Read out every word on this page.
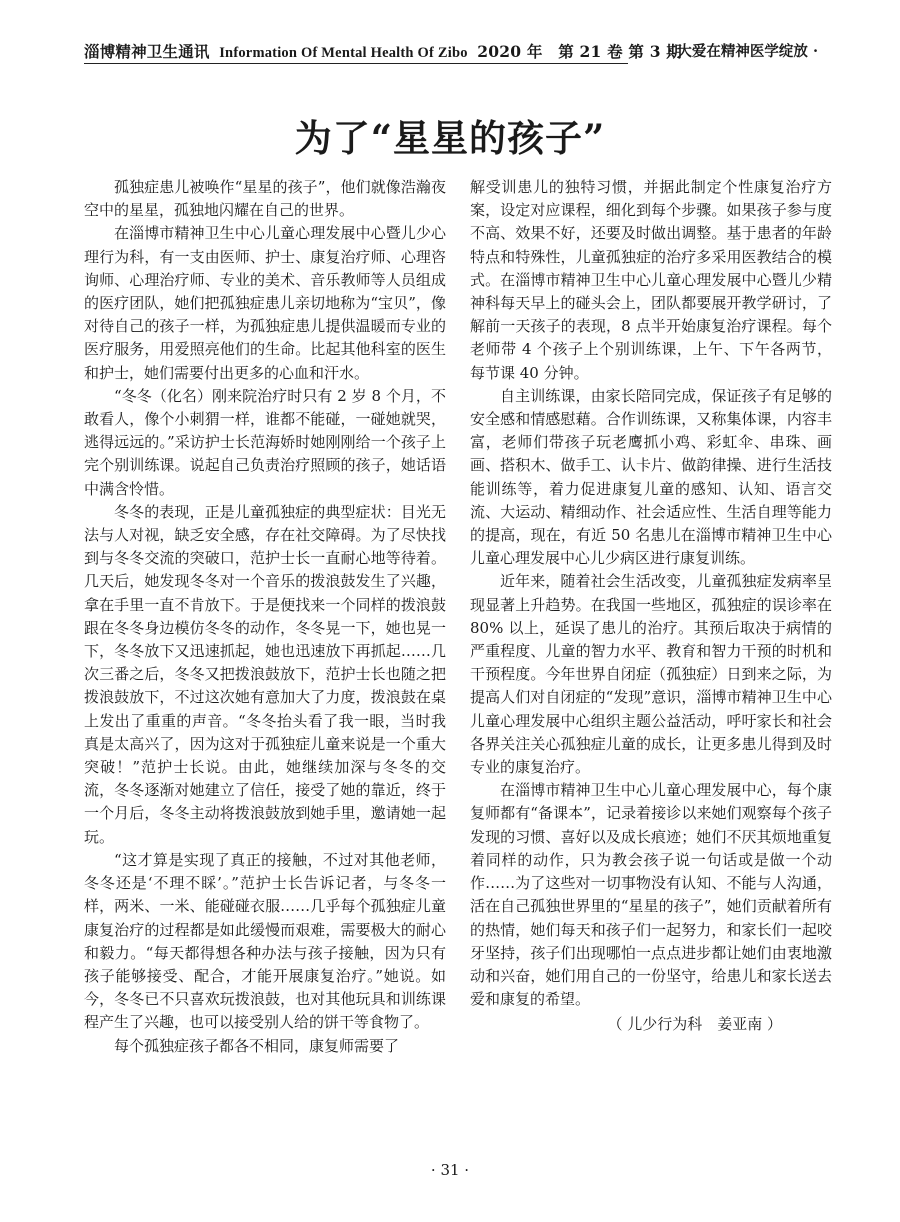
淄博精神卫生通讯 Information Of Mental Health Of Zibo 2020 年　第 21 卷 第 3 期
· 大爱在精神医学绽放 ·
为了“星星的孩子”

孤独症患儿被唤作“星星的孩子”，他们就像浩瀚夜空中的星星，孤独地闪耀在自己的世界。

在淄博市精神卫生中心儿童心理发展中心暨儿少心理行为科，有一支由医师、护士、康复治疗师、心理咨询师、心理治疗师、专业的美术、音乐教师等人员组成的医疗团队，她们把孤独症患儿亲切地称为“宝贝”，像对待自己的孩子一样，为孤独症患儿提供温暖而专业的医疗服务，用爱照亮他们的生命。比起其他科室的医生和护士，她们需要付出更多的心血和汗水。

“冬冬（化名）刚来院治疗时只有 2 岁 8 个月，不敢看人，像个小刺猬一样，谁都不能碰，一碰她就哭，逃得远远的。”采访护士长范海娇时她刚刚给一个孩子上完个别训练课。说起自己负责治疗照顾的孩子，她话语中满含怜惜。

冬冬的表现，正是儿童孤独症的典型症状：目光无法与人对视，缺乏安全感，存在社交障碍。为了尽快找到与冬冬交流的突破口，范护士长一直耐心地等待着。几天后，她发现冬冬对一个音乐的拨浪鼓发生了兴趣，拿在手里一直不肯放下。于是便找来一个同样的拨浪鼓跟在冬冬身边模仿冬冬的动作，冬冬晃一下，她也晃一下，冬冬放下又迅速抓起，她也迅速放下再抓起……几次三番之后，冬冬又把拨浪鼓放下，范护士长也随之把拨浪鼓放下，不过这次她有意加大了力度，拨浪鼓在桌上发出了重重的声音。“冬冬抬头看了我一眼，当时我真是太高兴了，因为这对于孤独症儿童来说是一个重大突破！”范护士长说。由此，她继续加深与冬冬的交流，冬冬逐渐对她建立了信任，接受了她的靠近，终于一个月后，冬冬主动将拨浪鼓放到她手里，邀请她一起玩。

“这才算是实现了真正的接触，不过对其他老师，冬冬还是‘不理不睬’。”范护士长告诉记者，与冬冬一样，两米、一米、能碰碰衣服……几乎每个孤独症儿童康复治疗的过程都是如此缓慢而艰难，需要极大的耐心和毅力。“每天都得想各种办法与孩子接触，因为只有孩子能够接受、配合，才能开展康复治疗。”她说。如今，冬冬已不只喜欢玩拨浪鼓，也对其他玩具和训练课程产生了兴趣，也可以接受别人给的饼干等食物了。

每个孤独症孩子都各不相同，康复师需要了

解受训患儿的独特习惯，并据此制定个性康复治疗方案，设定对应课程，细化到每个步骤。如果孩子参与度不高、效果不好，还要及时做出调整。基于患者的年龄特点和特殊性，儿童孤独症的治疗多采用医教结合的模式。在淄博市精神卫生中心儿童心理发展中心暨儿少精神科每天早上的碰头会上，团队都要展开教学研讨，了解前一天孩子的表现，8 点半开始康复治疗课程。每个老师带 4 个孩子上个别训练课，上午、下午各两节，每节课 40 分钟。

自主训练课，由家长陪同完成，保证孩子有足够的安全感和情感慰藉。合作训练课，又称集体课，内容丰富，老师们带孩子玩老鹰抓小鸡、彩虹伞、串珠、画画、搭积木、做手工、认卡片、做韵律操、进行生活技能训练等，着力促进康复儿童的感知、认知、语言交流、大运动、精细动作、社会适应性、生活自理等能力的提高，现在，有近 50 名患儿在淄博市精神卫生中心儿童心理发展中心儿少病区进行康复训练。

近年来，随着社会生活改变，儿童孤独症发病率呈现显著上升趋势。在我国一些地区，孤独症的误诊率在 80% 以上，延误了患儿的治疗。其预后取决于病情的严重程度、儿童的智力水平、教育和智力干预的时机和干预程度。今年世界自闭症（孤独症）日到来之际，为提高人们对自闭症的“发现”意识，淄博市精神卫生中心儿童心理发展中心组织主题公益活动，呼吁家长和社会各界关注关心孤独症儿童的成长，让更多患儿得到及时专业的康复治疗。

在淄博市精神卫生中心儿童心理发展中心，每个康复师都有“备课本”，记录着接诊以来她们观察每个孩子发现的习惯、喜好以及成长痕迹；她们不厌其烦地重复着同样的动作，只为教会孩子说一句话或是做一个动作……为了这些对一切事物没有认知、不能与人沟通，活在自己孤独世界里的“星星的孩子”，她们贡献着所有的热情，她们每天和孩子们一起努力，和家长们一起咬牙坚持，孩子们出现哪怕一点点进步都让她们由衷地激动和兴奋，她们用自己的一份坚守，给患儿和家长送去爱和康复的希望。

（ 儿少行为科　姜亚南 ）

· 31 ·
